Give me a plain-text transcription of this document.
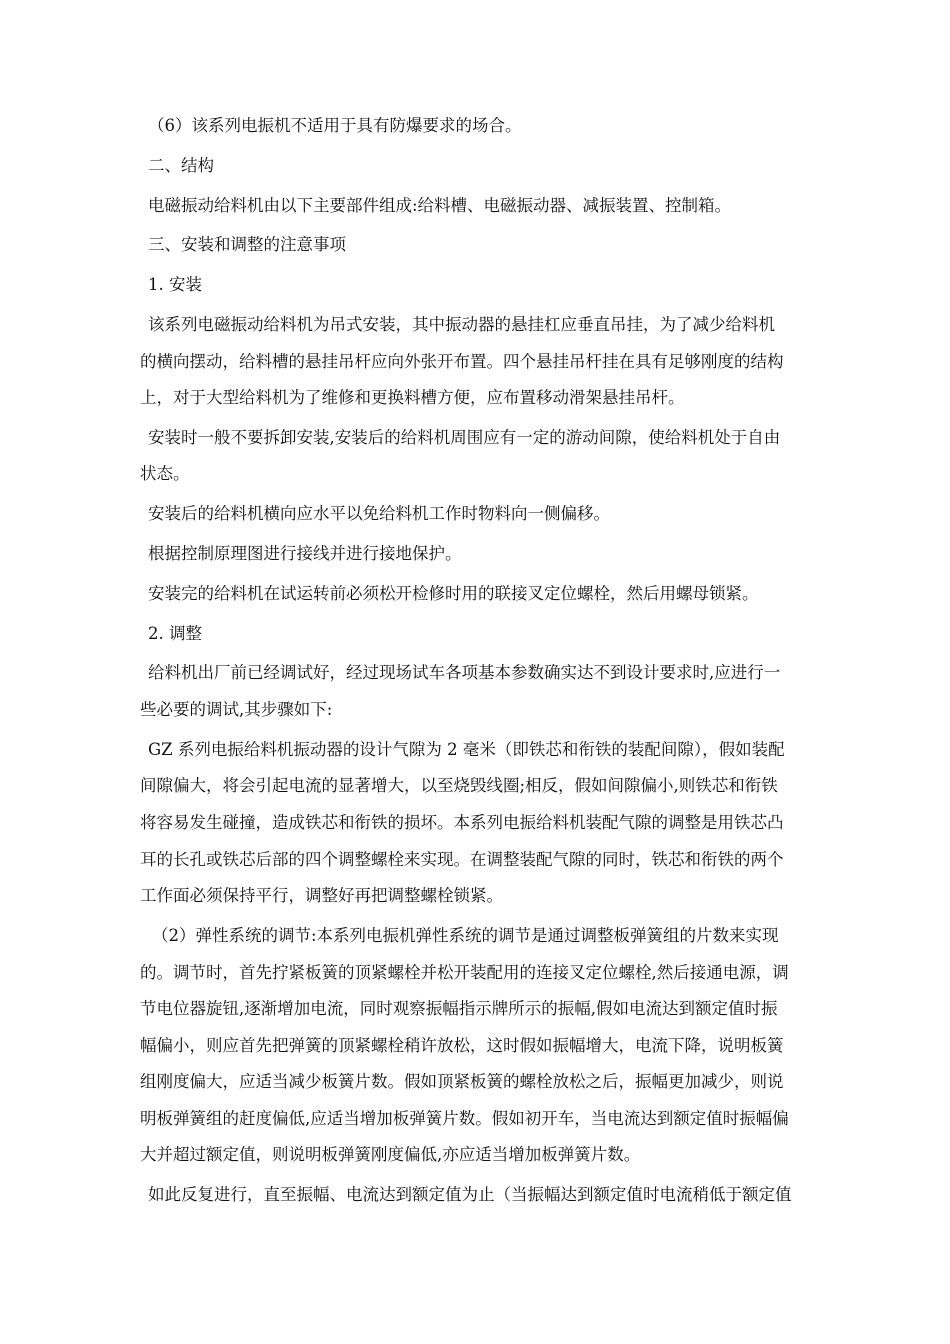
（6）该系列电振机不适用于具有防爆要求的场合。

二、结构

电磁振动给料机由以下主要部件组成:给料槽、电磁振动器、减振装置、控制箱。

三、安装和调整的注意事项

1. 安装

该系列电磁振动给料机为吊式安装，其中振动器的悬挂杠应垂直吊挂，为了减少给料机
的横向摆动，给料槽的悬挂吊杆应向外张开布置。四个悬挂吊杆挂在具有足够刚度的结构
上，对于大型给料机为了维修和更换料槽方便，应布置移动滑架悬挂吊杆。

安装时一般不要拆卸安装,安装后的给料机周围应有一定的游动间隙，使给料机处于自由
状态。

安装后的给料机横向应水平以免给料机工作时物料向一侧偏移。

根据控制原理图进行接线并进行接地保护。

安装完的给料机在试运转前必须松开检修时用的联接叉定位螺栓，然后用螺母锁紧。

2. 调整

给料机出厂前已经调试好，经过现场试车各项基本参数确实达不到设计要求时,应进行一
些必要的调试,其步骤如下:

GZ 系列电振给料机振动器的设计气隙为 2 毫米（即铁芯和衔铁的装配间隙），假如装配
间隙偏大，将会引起电流的显著增大，以至烧毁线圈;相反，假如间隙偏小,则铁芯和衔铁
将容易发生碰撞，造成铁芯和衔铁的损坏。本系列电振给料机装配气隙的调整是用铁芯凸
耳的长孔或铁芯后部的四个调整螺栓来实现。在调整装配气隙的同时，铁芯和衔铁的两个
工作面必须保持平行，调整好再把调整螺栓锁紧。

（2）弹性系统的调节:本系列电振机弹性系统的调节是通过调整板弹簧组的片数来实现
的。调节时，首先拧紧板簧的顶紧螺栓并松开装配用的连接叉定位螺栓,然后接通电源，调
节电位器旋钮,逐渐增加电流，同时观察振幅指示牌所示的振幅,假如电流达到额定值时振
幅偏小，则应首先把弹簧的顶紧螺栓稍许放松，这时假如振幅增大，电流下降，说明板簧
组刚度偏大，应适当减少板簧片数。假如顶紧板簧的螺栓放松之后，振幅更加减少，则说
明板弹簧组的赶度偏低,应适当增加板弹簧片数。假如初开车，当电流达到额定值时振幅偏
大并超过额定值，则说明板弹簧刚度偏低,亦应适当增加板弹簧片数。

如此反复进行，直至振幅、电流达到额定值为止（当振幅达到额定值时电流稍低于额定值
